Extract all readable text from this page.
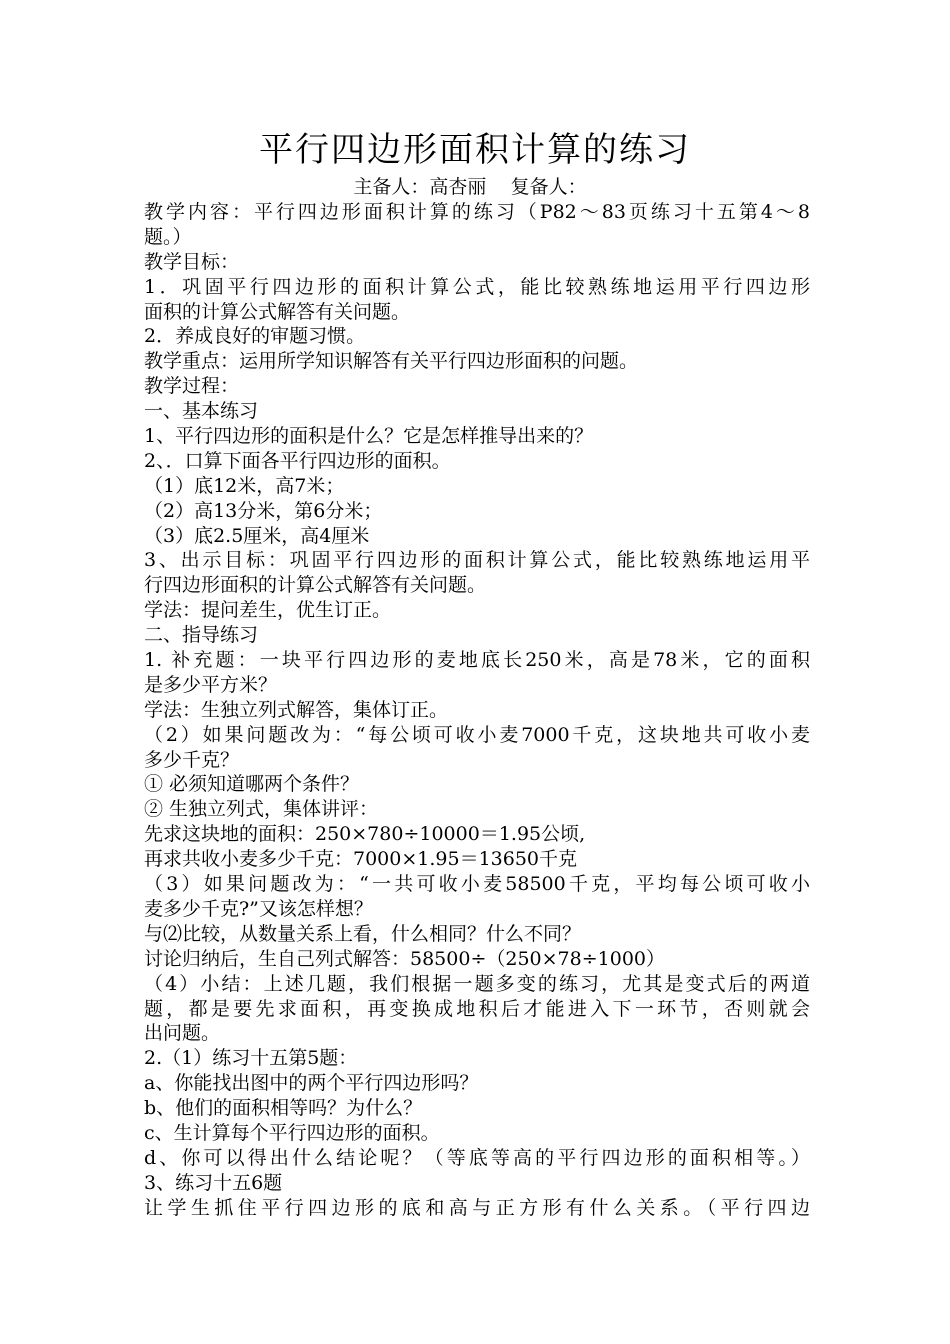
平行四边形面积计算的练习
主备人：高杏丽    复备人：
教学内容：平行四边形面积计算的练习（P82～83页练习十五第4～8
题。）
教学目标：
1．巩固平行四边形的面积计算公式，能比较熟练地运用平行四边形
面积的计算公式解答有关问题。
2．养成良好的审题习惯。
教学重点：运用所学知识解答有关平行四边形面积的问题。
教学过程：
一、基本练习
1、平行四边形的面积是什么？它是怎样推导出来的？
2、．口算下面各平行四边形的面积。
（1）底12米，高7米；
（2）高13分米，第6分米；
（3）底2.5厘米，高4厘米
3、出示目标：巩固平行四边形的面积计算公式，能比较熟练地运用平
行四边形面积的计算公式解答有关问题。
学法：提问差生，优生订正。
二、指导练习
1. 补充题：一块平行四边形的麦地底长250米，高是78米，它的面积
是多少平方米？
学法：生独立列式解答，集体订正。
（2）如果问题改为：“每公顷可收小麦7000千克，这块地共可收小麦
多少千克？
① 必须知道哪两个条件？
② 生独立列式，集体讲评：
先求这块地的面积：250×780÷10000＝1.95公顷,
再求共收小麦多少千克：7000×1.95＝13650千克
（3）如果问题改为：“一共可收小麦58500千克，平均每公顷可收小
麦多少千克?”又该怎样想？
与⑵比较，从数量关系上看，什么相同？什么不同？
讨论归纳后，生自己列式解答：58500÷（250×78÷1000）
（4）小结：上述几题，我们根据一题多变的练习，尤其是变式后的两道
题，都是要先求面积，再变换成地积后才能进入下一环节，否则就会
出问题。
2.（1）练习十五第5题：
a、你能找出图中的两个平行四边形吗？
b、他们的面积相等吗？为什么？
c、生计算每个平行四边形的面积。
d、你可以得出什么结论呢？（等底等高的平行四边形的面积相等。）
3、练习十五6题
让学生抓住平行四边形的底和高与正方形有什么关系。（平行四边
